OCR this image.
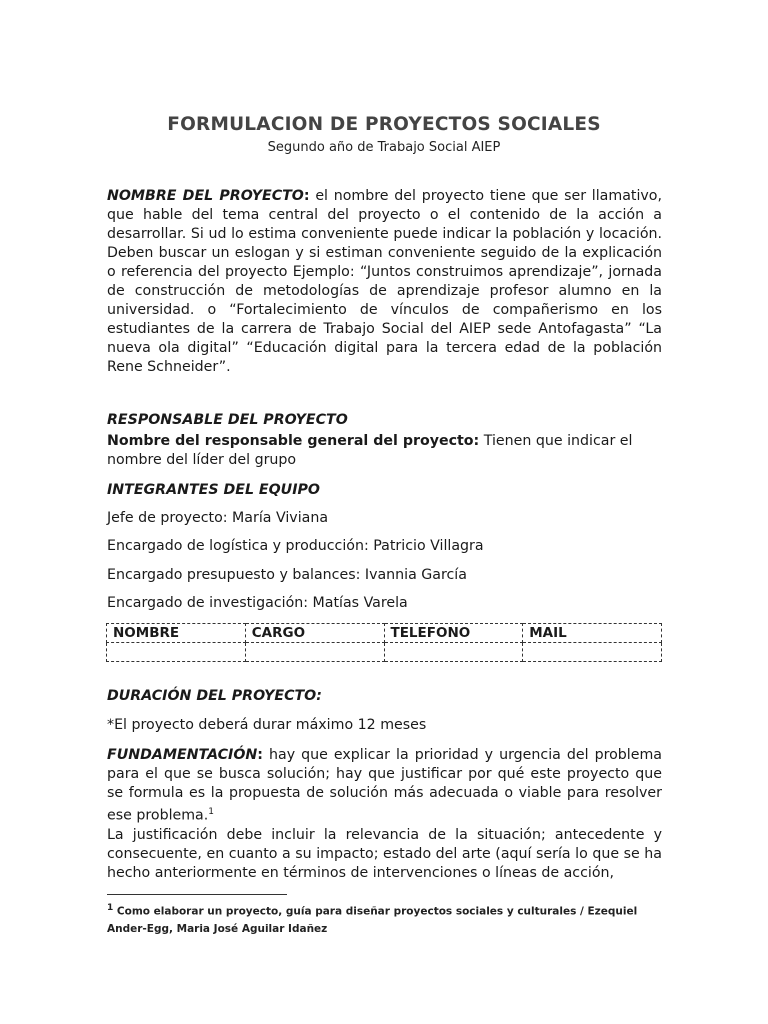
FORMULACION DE PROYECTOS SOCIALES
Segundo año de Trabajo Social AIEP
NOMBRE DEL PROYECTO: el nombre del proyecto tiene que ser llamativo, que hable del tema central del proyecto o el contenido de la acción a desarrollar. Si ud lo estima conveniente puede indicar la población y locación. Deben buscar un eslogan y si estiman conveniente seguido de la explicación o referencia del proyecto Ejemplo: “Juntos construimos aprendizaje”, jornada de construcción de metodologías de aprendizaje profesor alumno en la universidad. o “Fortalecimiento de vínculos de compañerismo en los estudiantes de la carrera de Trabajo Social del AIEP sede Antofagasta” “La nueva ola digital” “Educación digital para la tercera edad de la población Rene Schneider”.
RESPONSABLE DEL PROYECTO
Nombre del responsable general del proyecto: Tienen que indicar el nombre del líder del grupo
INTEGRANTES DEL EQUIPO
Jefe de proyecto: María Viviana
Encargado de logística y producción: Patricio Villagra
Encargado presupuesto y balances: Ivannia García
Encargado de investigación: Matías Varela
NOMBRE	CARGO	TELEFONO	MAIL

DURACIÓN DEL PROYECTO:
*El proyecto deberá durar máximo 12 meses
FUNDAMENTACIÓN: hay que explicar la prioridad y urgencia del problema para el que se busca solución; hay que justificar por qué este proyecto que se formula es la propuesta de solución más adecuada o viable para resolver ese problema.$^1$
La justificación debe incluir la relevancia de la situación; antecedente y consecuente, en cuanto a su impacto; estado del arte (aquí sería lo que se ha hecho anteriormente en términos de intervenciones o líneas de acción,
$^1$ Como elaborar un proyecto, guía para diseñar proyectos sociales y culturales / Ezequiel Ander-Egg, Maria José Aguilar Idañez
